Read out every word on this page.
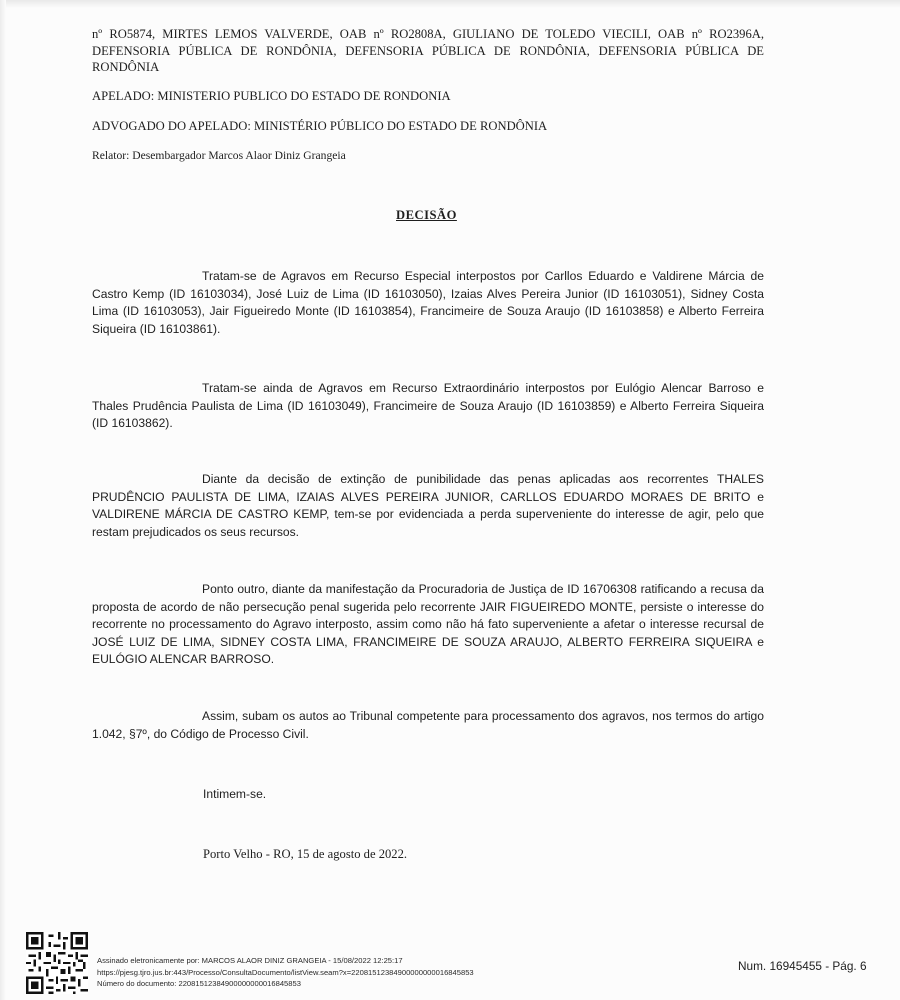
nº RO5874, MIRTES LEMOS VALVERDE, OAB nº RO2808A, GIULIANO DE TOLEDO VIECILI, OAB nº RO2396A, DEFENSORIA PÚBLICA DE RONDÔNIA, DEFENSORIA PÚBLICA DE RONDÔNIA, DEFENSORIA PÚBLICA DE RONDÔNIA

APELADO: MINISTERIO PUBLICO DO ESTADO DE RONDONIA

ADVOGADO DO APELADO: MINISTÉRIO PÚBLICO DO ESTADO DE RONDÔNIA

Relator: Desembargador Marcos Alaor Diniz Grangeia

DECISÃO

Tratam-se de Agravos em Recurso Especial interpostos por Carllos Eduardo e Valdirene Márcia de Castro Kemp (ID 16103034), José Luiz de Lima (ID 16103050), Izaias Alves Pereira Junior (ID 16103051), Sidney Costa Lima (ID 16103053), Jair Figueiredo Monte (ID 16103854), Francimeire de Souza Araujo (ID 16103858) e Alberto Ferreira Siqueira (ID 16103861).

Tratam-se ainda de Agravos em Recurso Extraordinário interpostos por Eulógio Alencar Barroso e Thales Prudência Paulista de Lima (ID 16103049), Francimeire de Souza Araujo (ID 16103859) e Alberto Ferreira Siqueira (ID 16103862).

Diante da decisão de extinção de punibilidade das penas aplicadas aos recorrentes THALES PRUDÊNCIO PAULISTA DE LIMA, IZAIAS ALVES PEREIRA JUNIOR, CARLLOS EDUARDO MORAES DE BRITO e VALDIRENE MÁRCIA DE CASTRO KEMP, tem-se por evidenciada a perda superveniente do interesse de agir, pelo que restam prejudicados os seus recursos.

Ponto outro, diante da manifestação da Procuradoria de Justiça de ID 16706308 ratificando a recusa da proposta de acordo de não persecução penal sugerida pelo recorrente JAIR FIGUEIREDO MONTE, persiste o interesse do recorrente no processamento do Agravo interposto, assim como não há fato superveniente a afetar o interesse recursal de JOSÉ LUIZ DE LIMA, SIDNEY COSTA LIMA, FRANCIMEIRE DE SOUZA ARAUJO, ALBERTO FERREIRA SIQUEIRA e EULÓGIO ALENCAR BARROSO.

Assim, subam os autos ao Tribunal competente para processamento dos agravos, nos termos do artigo 1.042, §7º, do Código de Processo Civil.

Intimem-se.

Porto Velho - RO, 15 de agosto de 2022.

Assinado eletronicamente por: MARCOS ALAOR DINIZ GRANGEIA - 15/08/2022 12:25:17
https://pjesg.tjro.jus.br:443/Processo/ConsultaDocumento/listView.seam?x=22081512384900000000016845853
Número do documento: 22081512384900000000016845853
Num. 16945455 - Pág. 6
